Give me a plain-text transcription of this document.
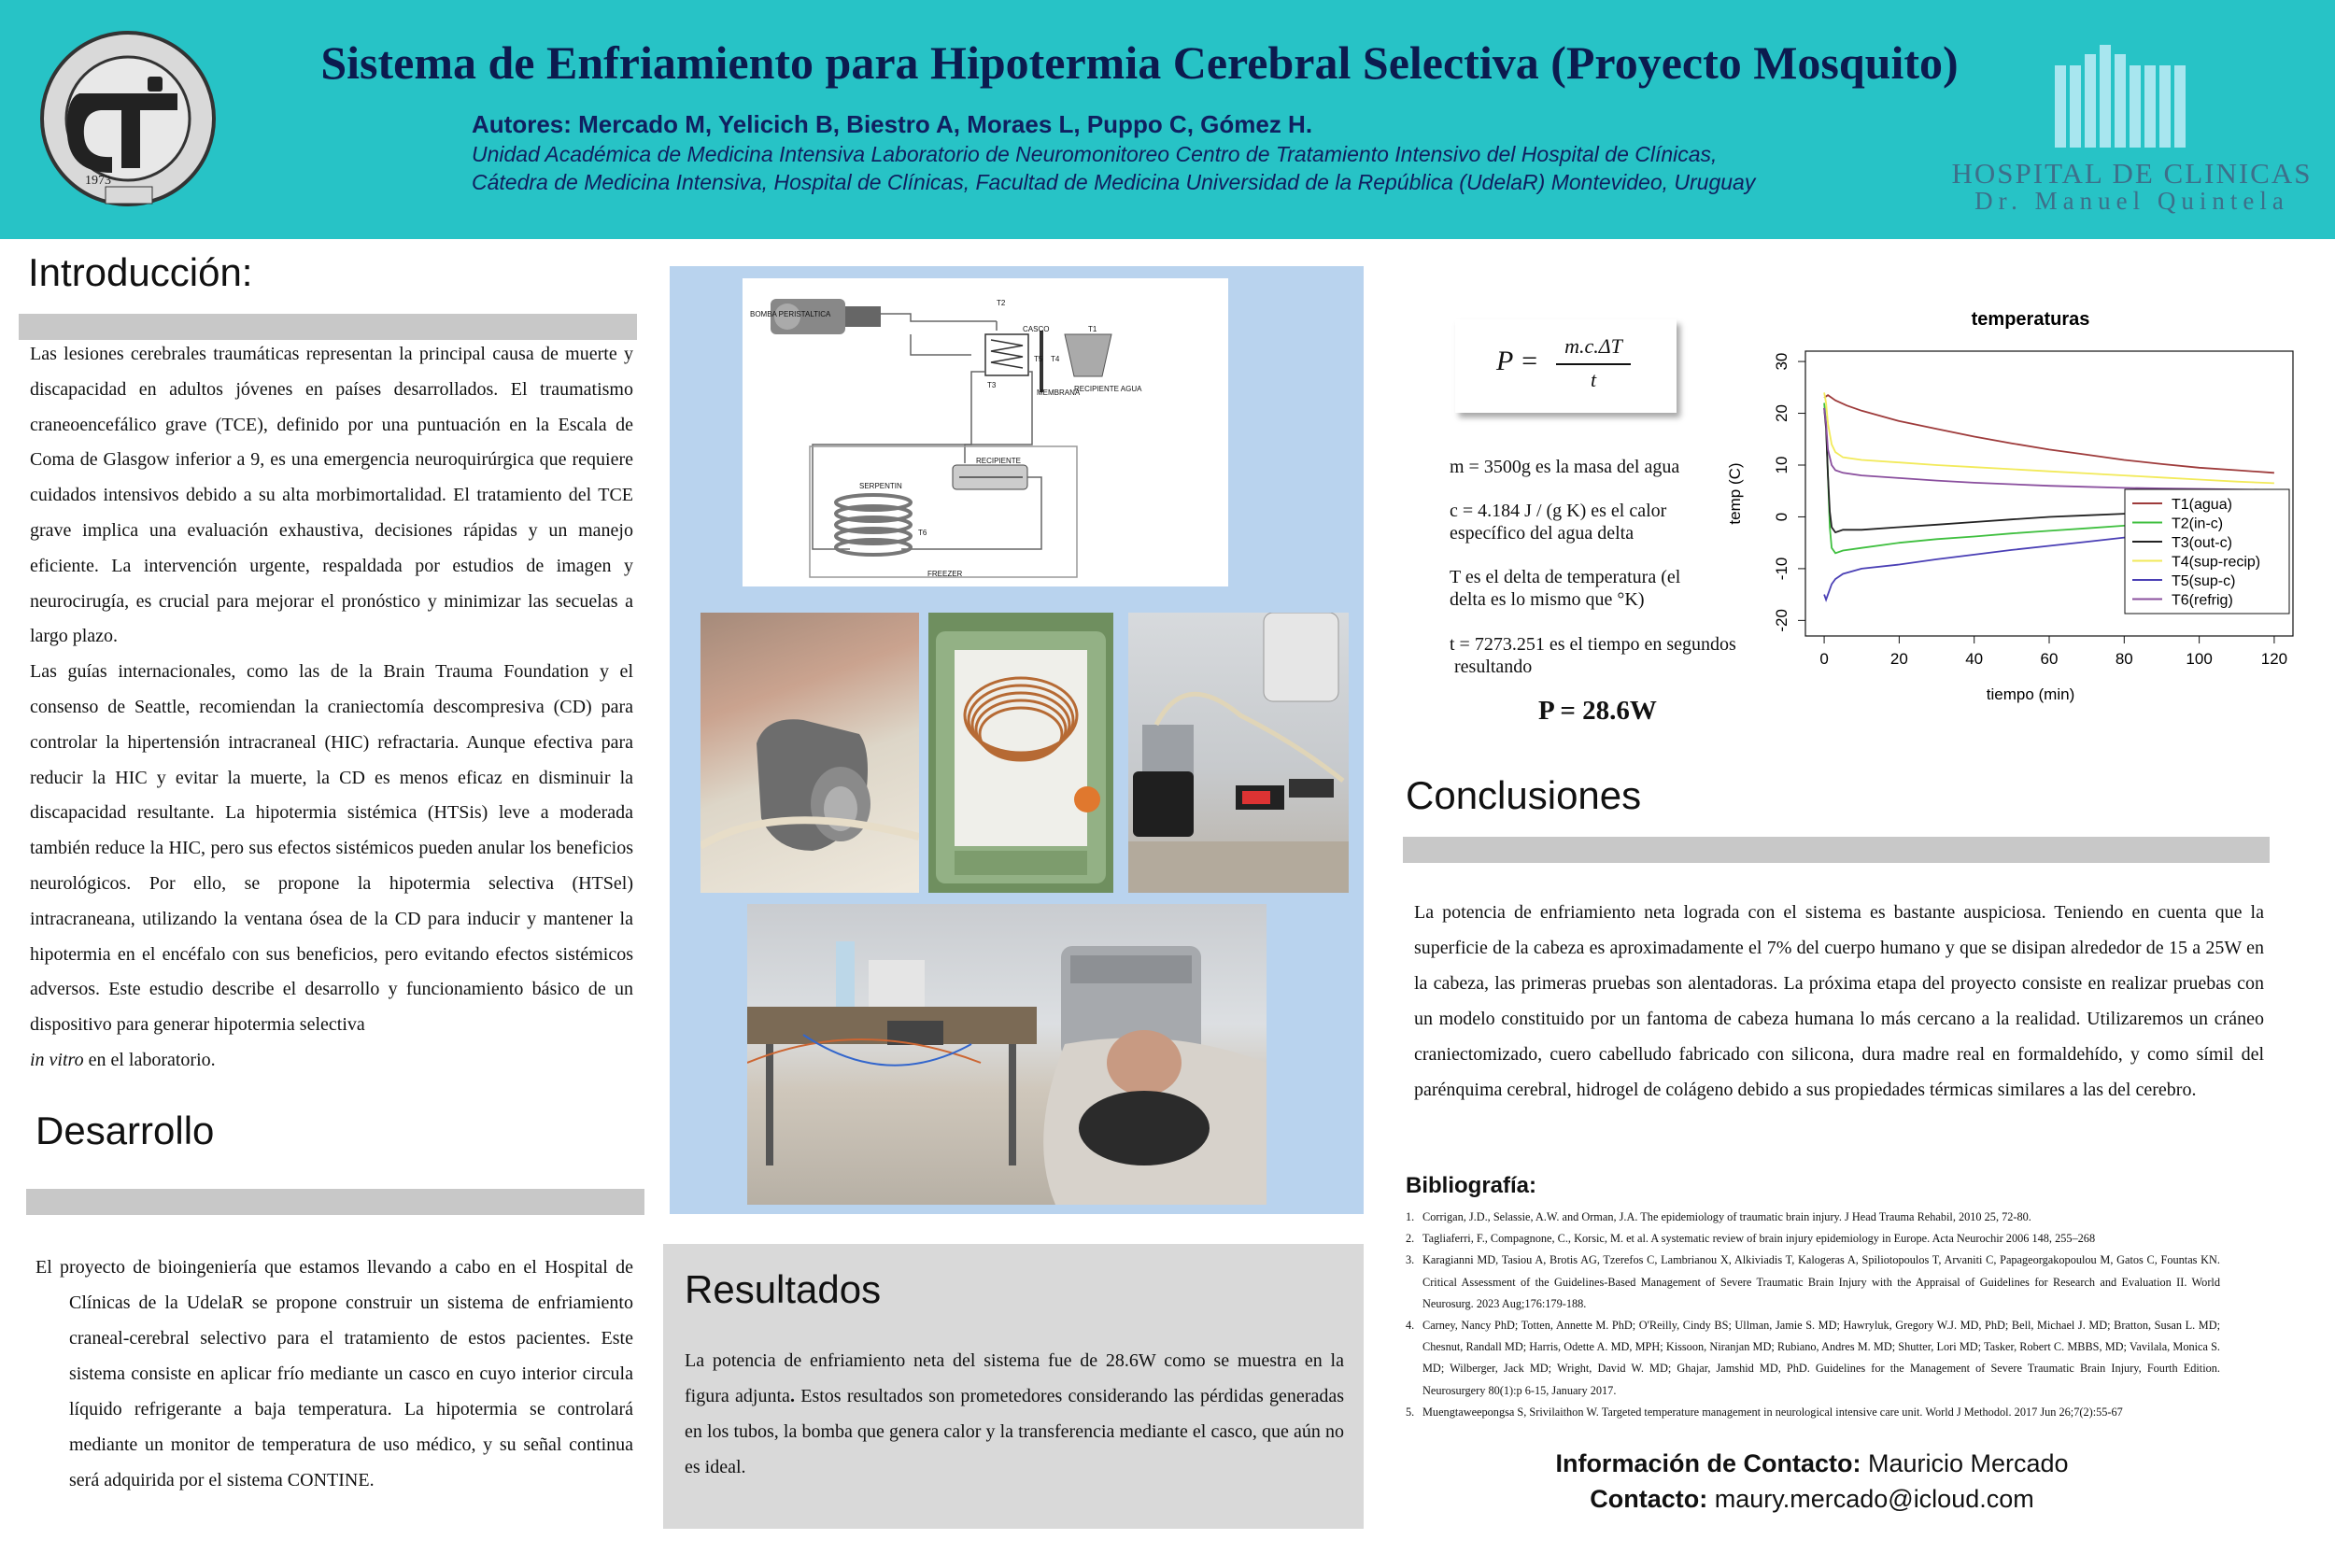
1973
Sistema de Enfriamiento para Hipotermia Cerebral Selectiva (Proyecto Mosquito)
Autores: Mercado M, Yelicich B, Biestro A, Moraes L, Puppo C, Gómez H.
Unidad Académica de Medicina Intensiva Laboratorio de Neuromonitoreo Centro de Tratamiento Intensivo del Hospital de Clínicas,
Cátedra de Medicina Intensiva, Hospital de Clínicas, Facultad de Medicina Universidad de la República (UdelaR) Montevideo, Uruguay	HOSPITAL DE CLINICAS
Dr. Manuel Quintela
Introducción:

Las lesiones cerebrales traumáticas representan la principal causa de muerte y discapacidad en adultos jóvenes en países desarrollados. El traumatismo craneoencefálico grave (TCE), definido por una puntuación en la Escala de Coma de Glasgow inferior a 9, es una emergencia neuroquirúrgica que requiere cuidados intensivos debido a su alta morbimortalidad. El tratamiento del TCE grave implica una evaluación exhaustiva, decisiones rápidas y un manejo eficiente. La intervención urgente, respaldada por estudios de imagen y neurocirugía, es crucial para mejorar el pronóstico y minimizar las secuelas a largo plazo.

Las guías internacionales, como las de la Brain Trauma Foundation y el consenso de Seattle, recomiendan la craniectomía descompresiva (CD) para controlar la hipertensión intracraneal (HIC) refractaria. Aunque efectiva para reducir la HIC y evitar la muerte, la CD es menos eficaz en disminuir la discapacidad resultante. La hipotermia sistémica (HTSis) leve a moderada también reduce la HIC, pero sus efectos sistémicos pueden anular los beneficios neurológicos. Por ello, se propone la hipotermia selectiva (HTSel) intracraneana, utilizando la ventana ósea de la CD para inducir y mantener la hipotermia en el encéfalo con sus beneficios, pero evitando efectos sistémicos adversos. Este estudio describe el desarrollo y funcionamiento básico de un dispositivo para generar hipotermia selectiva
in vitro en el laboratorio.

Desarrollo

El proyecto de bioingeniería que estamos llevando a cabo en el Hospital de Clínicas de la UdelaR se propone construir un sistema de enfriamiento craneal-cerebral selectivo para el tratamiento de estos pacientes. Este sistema consiste en aplicar frío mediante un casco en cuyo interior circula líquido refrigerante a baja temperatura. La hipotermia se controlará mediante un monitor de temperatura de uso médico, y su señal continua será adquirida por el sistema CONTINE.

BOMBA PERISTALTICA
T2
CASCO	T1
T5 T4
T3
MEMBRANA
RECIPIENTE AGUA
SERPENTIN
RECIPIENTE
T6
FREEZER
Resultados
La potencia de enfriamiento neta del sistema fue de 28.6W como se muestra en la figura adjunta. Estos resultados son prometedores considerando las pérdidas generadas en los tubos, la bomba que genera calor y la transferencia mediante el casco, que aún no es ideal.
P =	m.c.ΔT
t
m = 3500g es la masa del agua
c = 4.184 J / (g K) es el calor
específico del agua delta
T es el delta de temperatura (el
delta es lo mismo que °K)
t = 7273.251 es el tiempo en segundos
resultando
P = 28.6W
temperaturas
0	20	40	60	80	100	120
-20
-10
0
10
20
30
tiempo (min)
temp (C)	T1(agua)
T2(in-c)
T3(out-c)
T4(sup-recip)
T5(sup-c)
T6(refrig)
Conclusiones
La potencia de enfriamiento neta lograda con el sistema es bastante auspiciosa. Teniendo en cuenta que la superficie de la cabeza es aproximadamente el 7% del cuerpo humano y que se disipan alrededor de 15 a 25W en la cabeza, las primeras pruebas son alentadoras. La próxima etapa del proyecto consiste en realizar pruebas con un modelo constituido por un fantoma de cabeza humana lo más cercano a la realidad. Utilizaremos un cráneo craniectomizado, cuero cabelludo fabricado con silicona, dura madre real en formaldehído, y como símil del parénquima cerebral, hidrogel de colágeno debido a sus propiedades térmicas similares a las del cerebro.
Bibliografía:
1. Corrigan, J.D., Selassie, A.W. and Orman, J.A. The epidemiology of traumatic brain injury. J Head Trauma Rehabil, 2010 25, 72-80.
2. Tagliaferri, F., Compagnone, C., Korsic, M. et al. A systematic review of brain injury epidemiology in Europe. Acta Neurochir 2006 148, 255–268
3. Karagianni MD, Tasiou A, Brotis AG, Tzerefos C, Lambrianou X, Alkiviadis T, Kalogeras A, Spiliotopoulos T, Arvaniti C, Papageorgakopoulou M, Gatos C, Fountas KN. Critical Assessment of the Guidelines-Based Management of Severe Traumatic Brain Injury with the Appraisal of Guidelines for Research and Evaluation II. World Neurosurg. 2023 Aug;176:179-188.
4. Carney, Nancy PhD; Totten, Annette M. PhD; O'Reilly, Cindy BS; Ullman, Jamie S. MD; Hawryluk, Gregory W.J. MD, PhD; Bell, Michael J. MD; Bratton, Susan L. MD; Chesnut, Randall MD; Harris, Odette A. MD, MPH; Kissoon, Niranjan MD; Rubiano, Andres M. MD; Shutter, Lori MD; Tasker, Robert C. MBBS, MD; Vavilala, Monica S. MD; Wilberger, Jack MD; Wright, David W. MD; Ghajar, Jamshid MD, PhD. Guidelines for the Management of Severe Traumatic Brain Injury, Fourth Edition. Neurosurgery 80(1):p 6-15, January 2017.
5. Muengtaweepongsa S, Srivilaithon W. Targeted temperature management in neurological intensive care unit. World J Methodol. 2017 Jun 26;7(2):55-67
Información de Contacto: Mauricio Mercado
Contacto: maury.mercado@icloud.com
